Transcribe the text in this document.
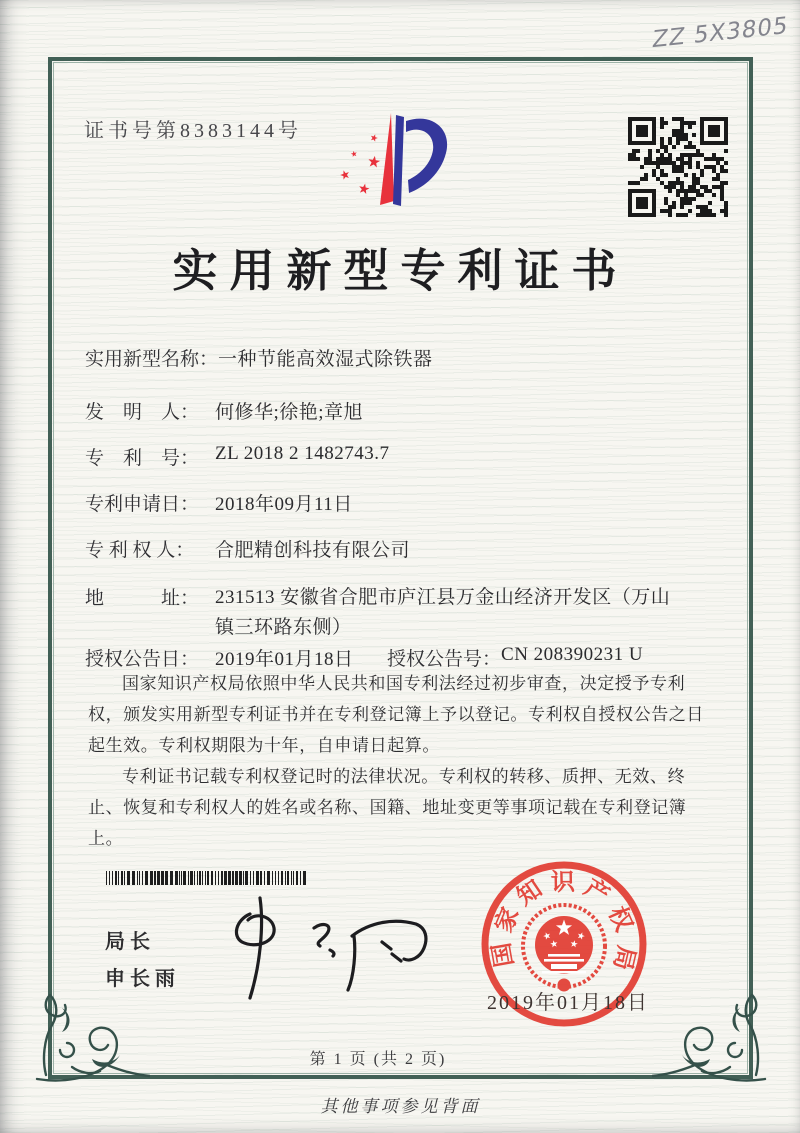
ZZ 5X3805
证书号第8383144号
实用新型专利证书
实用新型名称：一种节能高效湿式除铁器
发　明　人： 何修华;徐艳;章旭
专　利　号： ZL 2018 2 1482743.7
专利申请日： 2018年09月11日
专 利 权 人： 合肥精创科技有限公司
地　　　址： 231513 安徽省合肥市庐江县万金山经济开发区（万山镇三环路东侧）
授权公告日： 2019年01月18日 授权公告号：CN 208390231 U

国家知识产权局依照中华人民共和国专利法经过初步审查，决定授予专利权，颁发实用新型专利证书并在专利登记簿上予以登记。专利权自授权公告之日起生效。专利权期限为十年，自申请日起算。

专利证书记载专利权登记时的法律状况。专利权的转移、质押、无效、终止、恢复和专利权人的姓名或名称、国籍、地址变更等事项记载在专利登记簿上。

局长
申长雨
国
家
知 识 产
权
局
2019年01月18日
第 1 页 (共 2 页)
其他事项参见背面
